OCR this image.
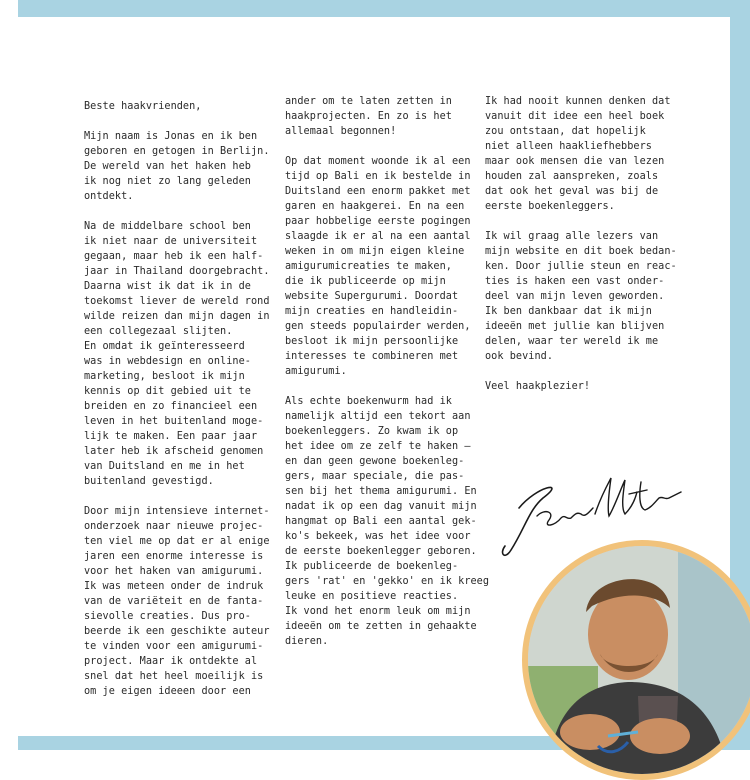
Beste haakvrienden,

Mijn naam is Jonas en ik ben
geboren en getogen in Berlijn.
De wereld van het haken heb
ik nog niet zo lang geleden
ontdekt.

Na de middelbare school ben
ik niet naar de universiteit
gegaan, maar heb ik een half-
jaar in Thailand doorgebracht.
Daarna wist ik dat ik in de
toekomst liever de wereld rond
wilde reizen dan mijn dagen in
een collegezaal slijten.
En omdat ik geïnteresseerd
was in webdesign en online-
marketing, besloot ik mijn
kennis op dit gebied uit te
breiden en zo financieel een
leven in het buitenland moge-
lijk te maken. Een paar jaar
later heb ik afscheid genomen
van Duitsland en me in het
buitenland gevestigd.

Door mijn intensieve internet-
onderzoek naar nieuwe projec-
ten viel me op dat er al enige
jaren een enorme interesse is
voor het haken van amigurumi.
Ik was meteen onder de indruk
van de variëteit en de fanta-
sievolle creaties. Dus pro-
beerde ik een geschikte auteur
te vinden voor een amigurumi-
project. Maar ik ontdekte al
snel dat het heel moeilijk is
om je eigen ideeen door een

ander om te laten zetten in
haakprojecten. En zo is het
allemaal begonnen!

Op dat moment woonde ik al een
tijd op Bali en ik bestelde in
Duitsland een enorm pakket met
garen en haakgerei. En na een
paar hobbelige eerste pogingen
slaagde ik er al na een aantal
weken in om mijn eigen kleine
amigurumicreaties te maken,
die ik publiceerde op mijn
website Supergurumi. Doordat
mijn creaties en handleidin-
gen steeds populairder werden,
besloot ik mijn persoonlijke
interesses te combineren met
amigurumi.

Als echte boekenwurm had ik
namelijk altijd een tekort aan
boekenleggers. Zo kwam ik op
het idee om ze zelf te haken –
en dan geen gewone boekenleg-
gers, maar speciale, die pas-
sen bij het thema amigurumi. En
nadat ik op een dag vanuit mijn
hangmat op Bali een aantal gek-
ko's bekeek, was het idee voor
de eerste boekenlegger geboren.
Ik publiceerde de boekenleg-
gers 'rat' en 'gekko' en ik kreeg
leuke en positieve reacties.
Ik vond het enorm leuk om mijn
ideeën om te zetten in gehaakte
dieren.

Ik had nooit kunnen denken dat
vanuit dit idee een heel boek
zou ontstaan, dat hopelijk
niet alleen haakliefhebbers
maar ook mensen die van lezen
houden zal aanspreken, zoals
dat ook het geval was bij de
eerste boekenleggers.

Ik wil graag alle lezers van
mijn website en dit boek bedan-
ken. Door jullie steun en reac-
ties is haken een vast onder-
deel van mijn leven geworden.
Ik ben dankbaar dat ik mijn
ideeën met jullie kan blijven
delen, waar ter wereld ik me
ook bevind.

Veel haakplezier!
